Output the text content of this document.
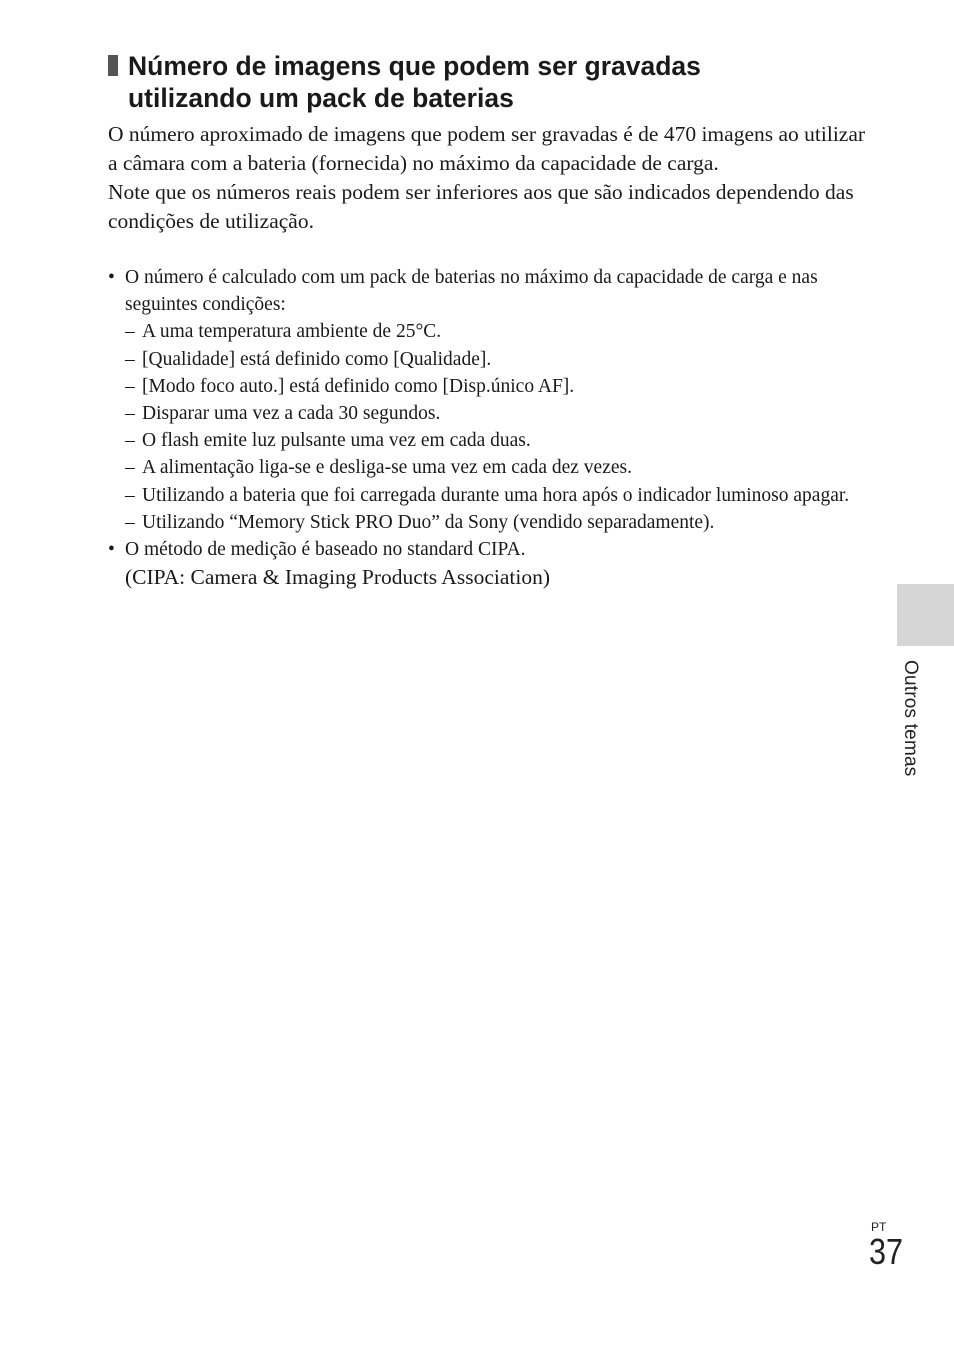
Número de imagens que podem ser gravadas
utilizando um pack de baterias

O número aproximado de imagens que podem ser gravadas é de 470 imagens ao utilizar a câmara com a bateria (fornecida) no máximo da capacidade de carga.

Note que os números reais podem ser inferiores aos que são indicados dependendo das condições de utilização.

• O número é calculado com um pack de baterias no máximo da capacidade de carga e nas seguintes condições:
– A uma temperatura ambiente de 25°C.
– [Qualidade] está definido como [Qualidade].
– [Modo foco auto.] está definido como [Disp.único AF].
– Disparar uma vez a cada 30 segundos.
– O flash emite luz pulsante uma vez em cada duas.
– A alimentação liga-se e desliga-se uma vez em cada dez vezes.
– Utilizando a bateria que foi carregada durante uma hora após o indicador luminoso apagar.
– Utilizando “Memory Stick PRO Duo” da Sony (vendido separadamente).
• O método de medição é baseado no standard CIPA.
(CIPA: Camera & Imaging Products Association)
Outros temas
PT
37
